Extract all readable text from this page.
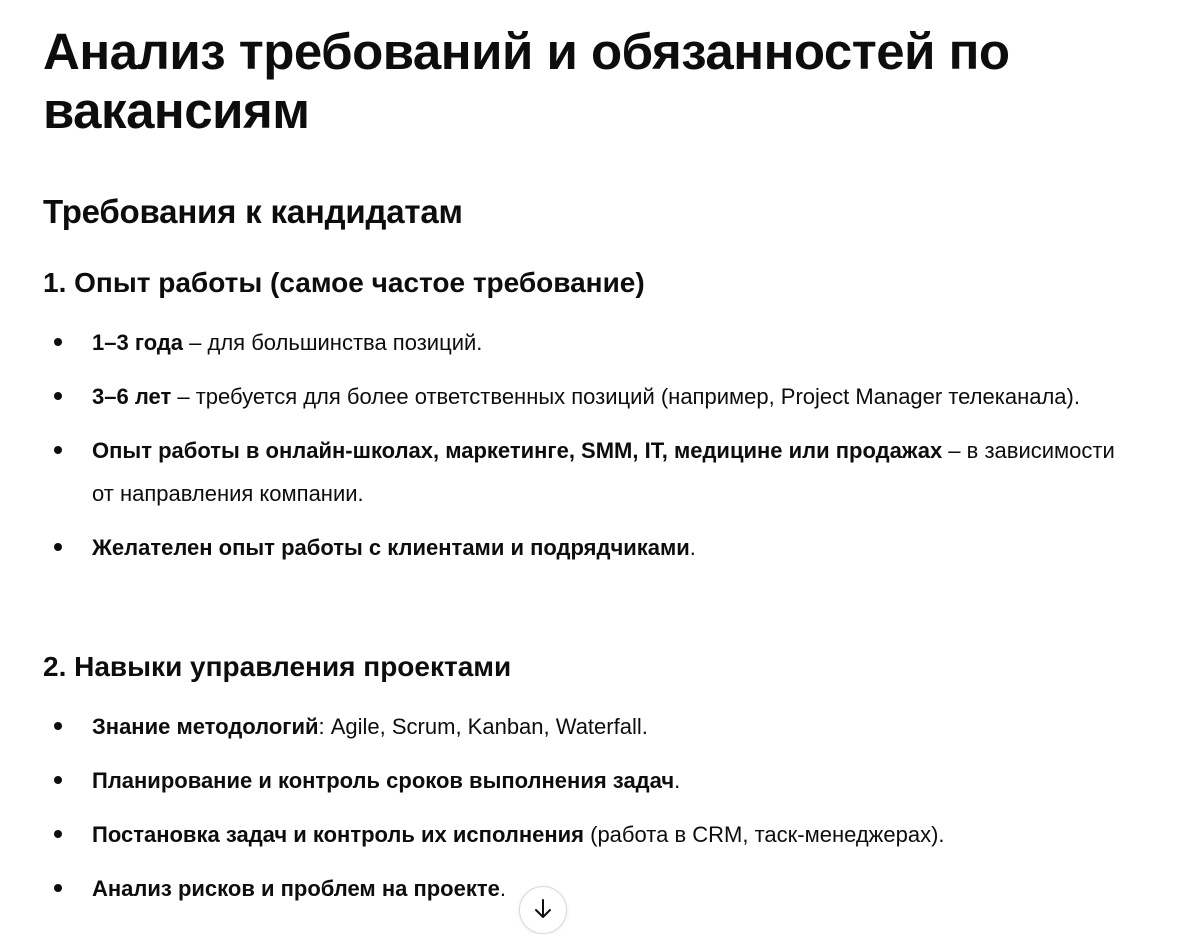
Анализ требований и обязанностей по вакансиям
Требования к кандидатам
1. Опыт работы (самое частое требование)
1–3 года – для большинства позиций.
3–6 лет – требуется для более ответственных позиций (например, Project Manager телеканала).
Опыт работы в онлайн-школах, маркетинге, SMM, IT, медицине или продажах – в зависимости от направления компании.
Желателен опыт работы с клиентами и подрядчиками.
2. Навыки управления проектами
Знание методологий: Agile, Scrum, Kanban, Waterfall.
Планирование и контроль сроков выполнения задач.
Постановка задач и контроль их исполнения (работа в CRM, таск-менеджерах).
Анализ рисков и проблем на проекте.
